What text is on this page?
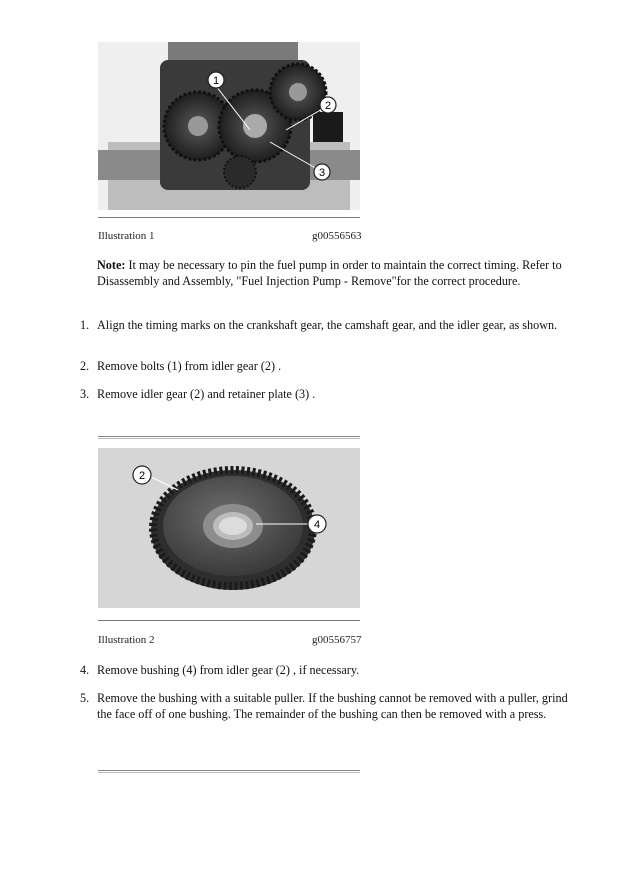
1
2
3
Illustration 1	g00556563
Note: It may be necessary to pin the fuel pump in order to maintain the correct timing. Refer to Disassembly and Assembly, "Fuel Injection Pump - Remove"for the correct procedure.
1. Align the timing marks on the crankshaft gear, the camshaft gear, and the idler gear, as shown.
2. Remove bolts (1) from idler gear (2) .
3. Remove idler gear (2) and retainer plate (3) .
2
4
Illustration 2	g00556757
4. Remove bushing (4) from idler gear (2) , if necessary.
5. Remove the bushing with a suitable puller. If the bushing cannot be removed with a puller, grind the face off of one bushing. The remainder of the bushing can then be removed with a press.
